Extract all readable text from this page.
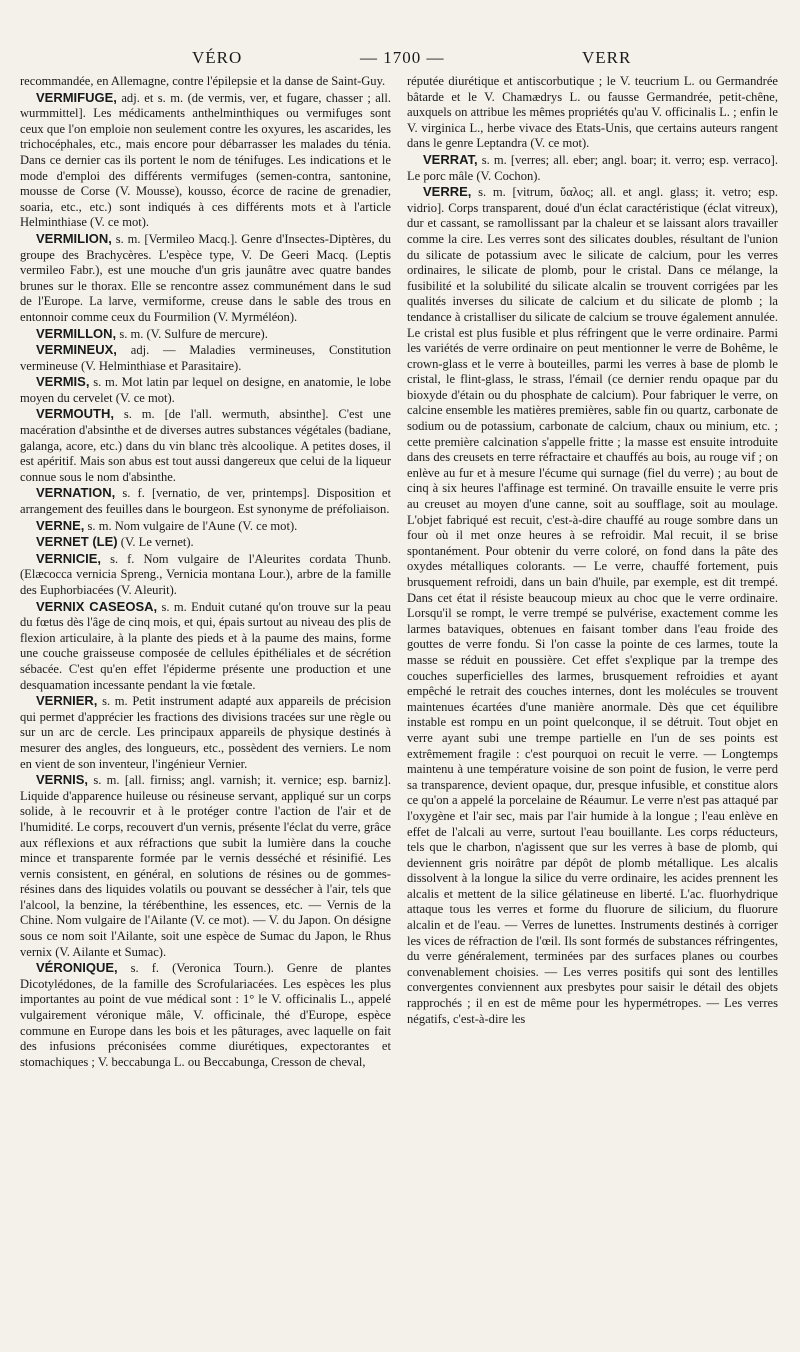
VÉRO	— 1700 —	VERR

recommandée, en Allemagne, contre l'épilepsie et la danse de Saint-Guy.

VERMIFUGE, adj. et s. m. (de vermis, ver, et fugare, chasser ; all. wurmmittel]. Les médicaments anthelminthiques ou vermifuges sont ceux que l'on emploie non seulement contre les oxyures, les ascarides, les trichocéphales, etc., mais encore pour débarrasser les malades du ténia. Dans ce dernier cas ils portent le nom de ténifuges. Les indications et le mode d'emploi des différents vermifuges (semen-contra, santonine, mousse de Corse (V. Mousse), kousso, écorce de racine de grenadier, soaria, etc., etc.) sont indiqués à ces différents mots et à l'article Helminthiase (V. ce mot).

VERMILION, s. m. [Vermileo Macq.]. Genre d'Insectes-Diptères, du groupe des Brachycères. L'espèce type, V. De Geeri Macq. (Leptis vermileo Fabr.), est une mouche d'un gris jaunâtre avec quatre bandes brunes sur le thorax. Elle se rencontre assez communément dans le sud de l'Europe. La larve, vermiforme, creuse dans le sable des trous en entonnoir comme ceux du Fourmilion (V. Myrméléon).

VERMILLON, s. m. (V. Sulfure de mercure).

VERMINEUX, adj. — Maladies vermineuses, Constitution vermineuse (V. Helminthiase et Parasitaire).

VERMIS, s. m. Mot latin par lequel on designe, en anatomie, le lobe moyen du cervelet (V. ce mot).

VERMOUTH, s. m. [de l'all. wermuth, absinthe]. C'est une macération d'absinthe et de diverses autres substances végétales (badiane, galanga, acore, etc.) dans du vin blanc très alcoolique. A petites doses, il est apéritif. Mais son abus est tout aussi dangereux que celui de la liqueur connue sous le nom d'absinthe.

VERNATION, s. f. [vernatio, de ver, printemps]. Disposition et arrangement des feuilles dans le bourgeon. Est synonyme de préfoliaison.

VERNE, s. m. Nom vulgaire de l'Aune (V. ce mot).

VERNET (LE) (V. Le vernet).

VERNICIE, s. f. Nom vulgaire de l'Aleurites cordata Thunb. (Elæcocca vernicia Spreng., Vernicia montana Lour.), arbre de la famille des Euphorbiacées (V. Aleurit).

VERNIX CASEOSA, s. m. Enduit cutané qu'on trouve sur la peau du fœtus dès l'âge de cinq mois, et qui, épais surtout au niveau des plis de flexion articulaire, à la plante des pieds et à la paume des mains, forme une couche graisseuse composée de cellules épithéliales et de sécrétion sébacée. C'est qu'en effet l'épiderme présente une production et une desquamation incessante pendant la vie fœtale.

VERNIER, s. m. Petit instrument adapté aux appareils de précision qui permet d'apprécier les fractions des divisions tracées sur une règle ou sur un arc de cercle. Les principaux appareils de physique destinés à mesurer des angles, des longueurs, etc., possèdent des verniers. Le nom en vient de son inventeur, l'ingénieur Vernier.

VERNIS, s. m. [all. firniss; angl. varnish; it. vernice; esp. barniz]. Liquide d'apparence huileuse ou résineuse servant, appliqué sur un corps solide, à le recouvrir et à le protéger contre l'action de l'air et de l'humidité. Le corps, recouvert d'un vernis, présente l'éclat du verre, grâce aux réflexions et aux réfractions que subit la lumière dans la couche mince et transparente formée par le vernis desséché et résinifié. Les vernis consistent, en général, en solutions de résines ou de gommes-résines dans des liquides volatils ou pouvant se dessécher à l'air, tels que l'alcool, la benzine, la térébenthine, les essences, etc. — Vernis de la Chine. Nom vulgaire de l'Ailante (V. ce mot). — V. du Japon. On désigne sous ce nom soit l'Ailante, soit une espèce de Sumac du Japon, le Rhus vernix (V. Ailante et Sumac).

VÉRONIQUE, s. f. (Veronica Tourn.). Genre de plantes Dicotylédones, de la famille des Scrofulariacées. Les espèces les plus importantes au point de vue médical sont : 1° le V. officinalis L., appelé vulgairement véronique mâle, V. officinale, thé d'Europe, espèce commune en Europe dans les bois et les pâturages, avec laquelle on fait des infusions préconisées comme diurétiques, expectorantes et stomachiques ; V. beccabunga L. ou Beccabunga, Cresson de cheval,

réputée diurétique et antiscorbutique ; le V. teucrium L. ou Germandrée bâtarde et le V. Chamædrys L. ou fausse Germandrée, petit-chêne, auxquels on attribue les mêmes propriétés qu'au V. officinalis L. ; enfin le V. virginica L., herbe vivace des Etats-Unis, que certains auteurs rangent dans le genre Leptandra (V. ce mot).

VERRAT, s. m. [verres; all. eber; angl. boar; it. verro; esp. verraco]. Le porc mâle (V. Cochon).

VERRE, s. m. [vitrum, ὕαλος; all. et angl. glass; it. vetro; esp. vidrio]. Corps transparent, doué d'un éclat caractéristique (éclat vitreux), dur et cassant, se ramollissant par la chaleur et se laissant alors travailler comme la cire. Les verres sont des silicates doubles, résultant de l'union du silicate de potassium avec le silicate de calcium, pour les verres ordinaires, le silicate de plomb, pour le cristal. Dans ce mélange, la fusibilité et la solubilité du silicate alcalin se trouvent corrigées par les qualités inverses du silicate de calcium et du silicate de plomb ; la tendance à cristalliser du silicate de calcium se trouve également annulée. Le cristal est plus fusible et plus réfringent que le verre ordinaire. Parmi les variétés de verre ordinaire on peut mentionner le verre de Bohême, le crown-glass et le verre à bouteilles, parmi les verres à base de plomb le cristal, le flint-glass, le strass, l'émail (ce dernier rendu opaque par du bioxyde d'étain ou du phosphate de calcium). Pour fabriquer le verre, on calcine ensemble les matières premières, sable fin ou quartz, carbonate de sodium ou de potassium, carbonate de calcium, chaux ou minium, etc. ; cette première calcination s'appelle fritte ; la masse est ensuite introduite dans des creusets en terre réfractaire et chauffés au bois, au rouge vif ; on enlève au fur et à mesure l'écume qui surnage (fiel du verre) ; au bout de cinq à six heures l'affinage est terminé. On travaille ensuite le verre pris au creuset au moyen d'une canne, soit au soufflage, soit au moulage. L'objet fabriqué est recuit, c'est-à-dire chauffé au rouge sombre dans un four où il met onze heures à se refroidir. Mal recuit, il se brise spontanément. Pour obtenir du verre coloré, on fond dans la pâte des oxydes métalliques colorants. — Le verre, chauffé fortement, puis brusquement refroidi, dans un bain d'huile, par exemple, est dit trempé. Dans cet état il résiste beaucoup mieux au choc que le verre ordinaire. Lorsqu'il se rompt, le verre trempé se pulvérise, exactement comme les larmes bataviques, obtenues en faisant tomber dans l'eau froide des gouttes de verre fondu. Si l'on casse la pointe de ces larmes, toute la masse se réduit en poussière. Cet effet s'explique par la trempe des couches superficielles des larmes, brusquement refroidies et ayant empêché le retrait des couches internes, dont les molécules se trouvent maintenues écartées d'une manière anormale. Dès que cet équilibre instable est rompu en un point quelconque, il se détruit. Tout objet en verre ayant subi une trempe partielle en l'un de ses points est extrêmement fragile : c'est pourquoi on recuit le verre. — Longtemps maintenu à une température voisine de son point de fusion, le verre perd sa transparence, devient opaque, dur, presque infusible, et constitue alors ce qu'on a appelé la porcelaine de Réaumur. Le verre n'est pas attaqué par l'oxygène et l'air sec, mais par l'air humide à la longue ; l'eau enlève en effet de l'alcali au verre, surtout l'eau bouillante. Les corps réducteurs, tels que le charbon, n'agissent que sur les verres à base de plomb, qui deviennent gris noirâtre par dépôt de plomb métallique. Les alcalis dissolvent à la longue la silice du verre ordinaire, les acides prennent les alcalis et mettent de la silice gélatineuse en liberté. L'ac. fluorhydrique attaque tous les verres et forme du fluorure de silicium, du fluorure alcalin et de l'eau. — Verres de lunettes. Instruments destinés à corriger les vices de réfraction de l'œil. Ils sont formés de substances réfringentes, du verre généralement, terminées par des surfaces planes ou courbes convenablement choisies. — Les verres positifs qui sont des lentilles convergentes conviennent aux presbytes pour saisir le détail des objets rapprochés ; il en est de même pour les hypermétropes. — Les verres négatifs, c'est-à-dire les
